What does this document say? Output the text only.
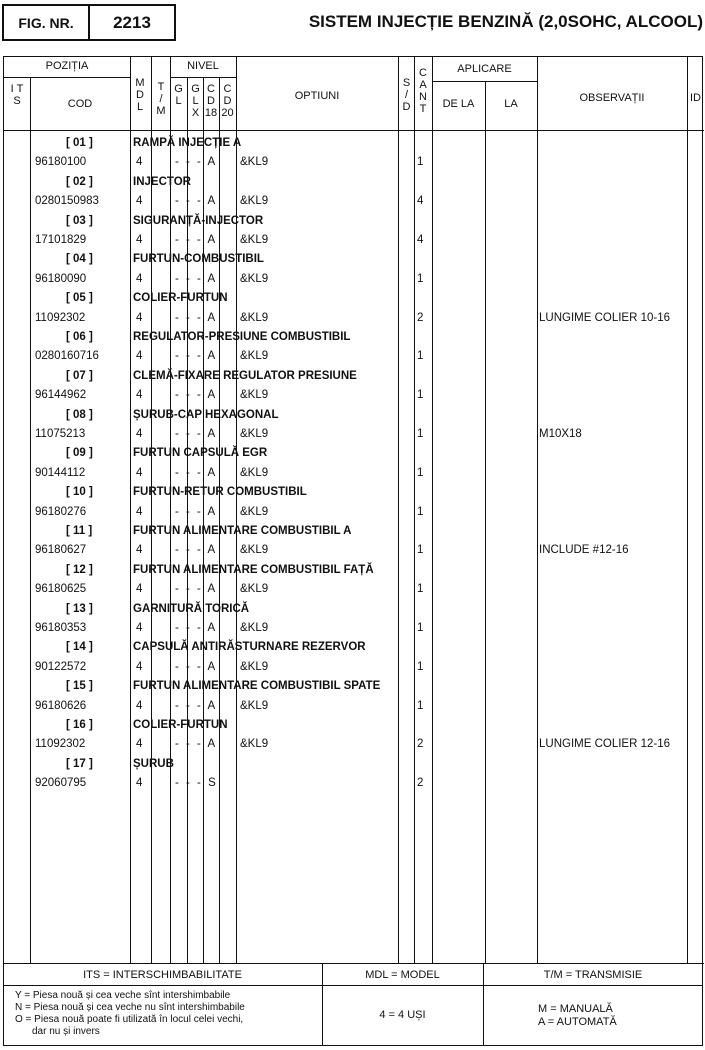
FIG. NR.	2213	SISTEM INJECȚIE BENZINĂ (2,0SOHC, ALCOOL)
POZIȚIA
I T S	COD
M D L
T / M
NIVEL
G L
G L X
C D 18
C D 20
OPTIUNI
S / D
C A N T
APLICARE
DE LA	LA	OBSERVAȚII	ID
[ 01 ]	RAMPĂ INJECȚIE A
96180100	4	- - - A &KL9	1
[ 02 ]	INJECTOR
0280150983	4	- - - A &KL9	4
[ 03 ]	SIGURANȚĂ-INJECTOR
17101829	4	- - - A &KL9	4
[ 04 ]	FURTUN-COMBUSTIBIL
96180090	4	- - - A &KL9	1
[ 05 ]	COLIER-FURTUN
11092302	4	- - - A &KL9	2	LUNGIME COLIER 10-16
[ 06 ]	REGULATOR-PRESIUNE COMBUSTIBIL
0280160716	4	- - - A &KL9	1
[ 07 ]	CLEMĂ-FIXARE REGULATOR PRESIUNE
96144962	4	- - - A &KL9	1
[ 08 ]	ȘURUB-CAP HEXAGONAL
11075213	4	- - - A &KL9	1	M10X18
[ 09 ]	FURTUN CAPSULĂ EGR
90144112	4	- - - A &KL9	1
[ 10 ]	FURTUN-RETUR COMBUSTIBIL
96180276	4	- - - A &KL9	1
[ 11 ]	FURTUN ALIMENTARE COMBUSTIBIL A
96180627	4	- - - A &KL9	1	INCLUDE #12-16
[ 12 ]	FURTUN ALIMENTARE COMBUSTIBIL FAȚĂ
96180625	4	- - - A &KL9	1
[ 13 ]	GARNITURĂ TORICĂ
96180353	4	- - - A &KL9	1
[ 14 ]	CAPSULĂ ANTIRĂSTURNARE REZERVOR
90122572	4	- - - A &KL9	1
[ 15 ]	FURTUN ALIMENTARE COMBUSTIBIL SPATE
96180626	4	- - - A &KL9	1
[ 16 ]	COLIER-FURTUN
11092302	4	- - - A &KL9	2	LUNGIME COLIER 12-16
[ 17 ]	ȘURUB
92060795	4	- - - S	2
ITS = INTERSCHIMBABILITATE	MDL = MODEL	T/M = TRANSMISIE
Y = Piesa nouă și cea veche sînt intershimbabile
N = Piesa nouă și cea veche nu sînt intershimbabile
O = Piesa nouă poate fi utilizată în locul celei vechi,
dar nu și invers
4 = 4 UȘI	M = MANUALĂ
A = AUTOMATĂ
